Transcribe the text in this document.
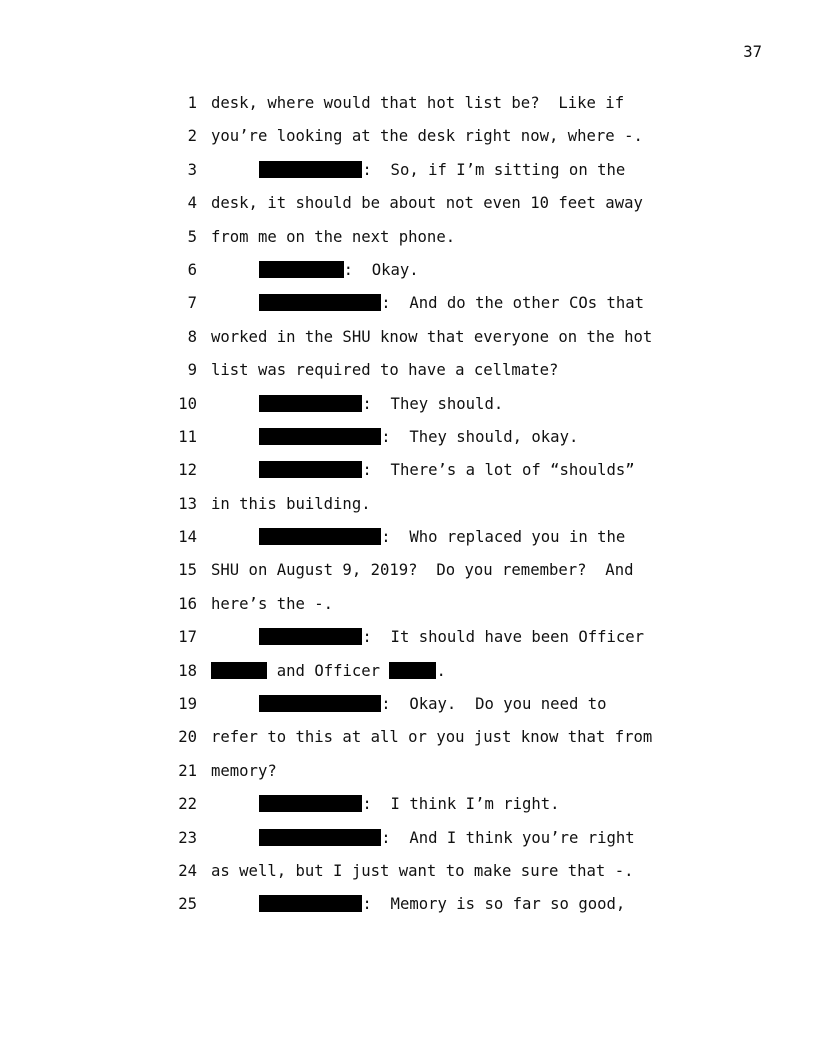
37
1 desk, where would that hot list be?  Like if
2 you’re looking at the desk right now, where -.
3	:  So, if I’m sitting on the
4 desk, it should be about not even 10 feet away
5 from me on the next phone.
6	:  Okay.
7	:  And do the other COs that
8 worked in the SHU know that everyone on the hot
9 list was required to have a cellmate?
10	:  They should.
11	:  They should, okay.
12	:  There’s a lot of “shoulds”
13 in this building.
14	:  Who replaced you in the
15 SHU on August 9, 2019?  Do you remember?  And
16 here’s the -.
17	:  It should have been Officer
18	and Officer	.
19	:  Okay.  Do you need to
20 refer to this at all or you just know that from
21 memory?
22	:  I think I’m right.
23	:  And I think you’re right
24 as well, but I just want to make sure that -.
25	:  Memory is so far so good,
